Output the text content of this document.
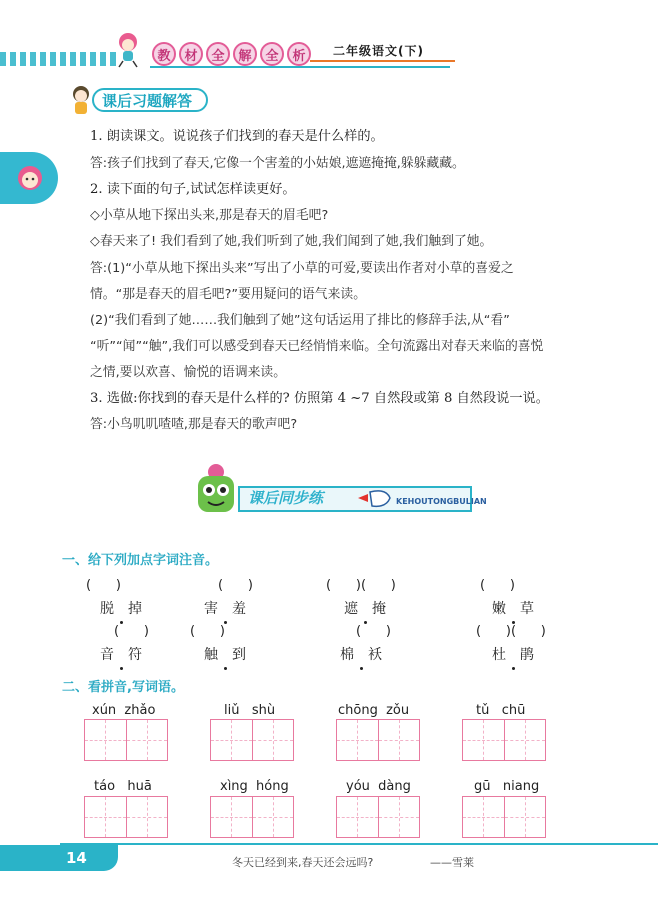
教 材 全 解 全 析	二年级语文(下)
课后习题解答

1. 朗读课文。说说孩子们找到的春天是什么样的。

答:孩子们找到了春天,它像一个害羞的小姑娘,遮遮掩掩,躲躲藏藏。

2. 读下面的句子,试试怎样读更好。

◇小草从地下探出头来,那是春天的眉毛吧?

◇春天来了! 我们看到了她,我们听到了她,我们闻到了她,我们触到了她。

答:(1)“小草从地下探出头来”写出了小草的可爱,要读出作者对小草的喜爱之

情。“那是春天的眉毛吧?”要用疑问的语气来读。

(2)“我们看到了她……我们触到了她”这句话运用了排比的修辞手法,从“看”

“听”“闻”“触”,我们可以感受到春天已经悄悄来临。全句流露出对春天来临的喜悦

之情,要以欢喜、愉悦的语调来读。

3. 选做:你找到的春天是什么样的? 仿照第 4 ~7 自然段或第 8 自然段说一说。

答:小鸟叽叽喳喳,那是春天的歌声吧?

课后同步练	KEHOUTONGBULIAN
一、给下列加点字词注音。
(      )	(      )	(      )(      )	(      )
脱掉	害羞	遮掩	嫩草
(      )	(      )	(      )	(      )(      )
音符	触到	棉袄	杜鹃
二、看拼音,写词语。
xún  zhǎo	liǔ   shù	chōng  zǒu	tǔ   chū
táo   huā	xìng  hóng	yóu  dàng	gū   niang
14	冬天已经到来,春天还会远吗?	——雪莱
